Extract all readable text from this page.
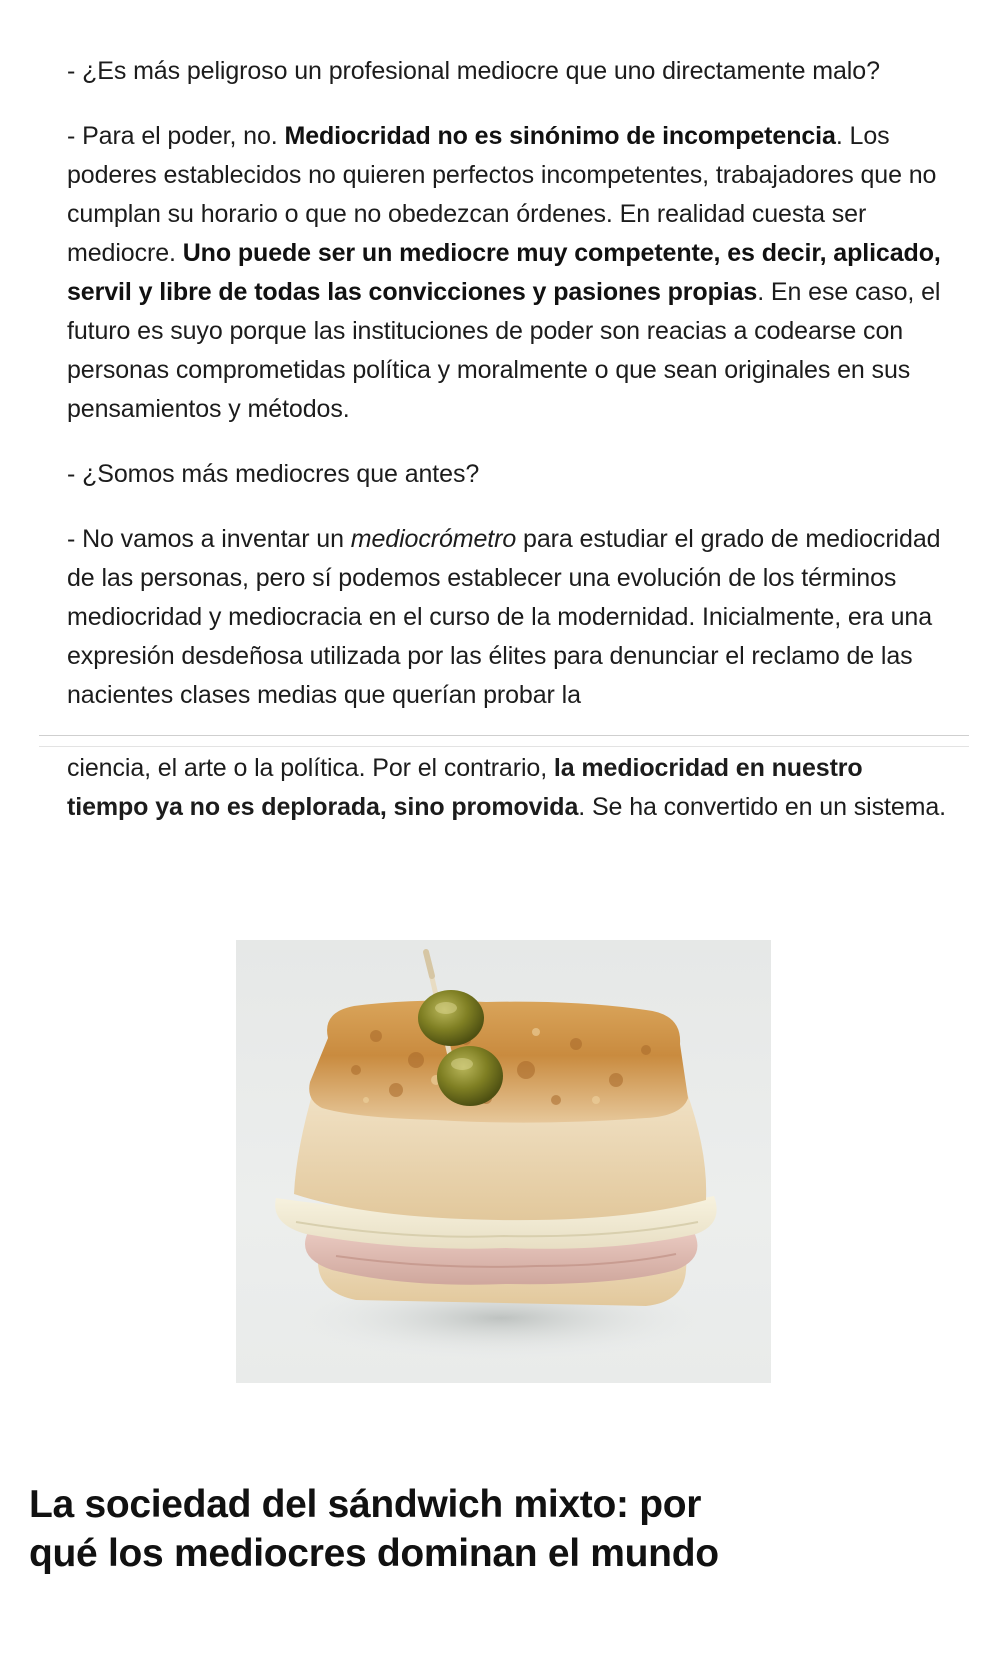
- ¿Es más peligroso un profesional mediocre que uno directamente malo?

- Para el poder, no. Mediocridad no es sinónimo de incompetencia. Los poderes establecidos no quieren perfectos incompetentes, trabajadores que no cumplan su horario o que no obedezcan órdenes. En realidad cuesta ser mediocre. Uno puede ser un mediocre muy competente, es decir, aplicado, servil y libre de todas las convicciones y pasiones propias. En ese caso, el futuro es suyo porque las instituciones de poder son reacias a codearse con personas comprometidas política y moralmente o que sean originales en sus pensamientos y métodos.

- ¿Somos más mediocres que antes?

- No vamos a inventar un mediocrómetro para estudiar el grado de mediocridad de las personas, pero sí podemos establecer una evolución de los términos mediocridad y mediocracia en el curso de la modernidad. Inicialmente, era una expresión desdeñosa utilizada por las élites para denunciar el reclamo de las nacientes clases medias que querían probar la

ciencia, el arte o la política. Por el contrario, la mediocridad en nuestro tiempo ya no es deplorada, sino promovida. Se ha convertido en un sistema.

La sociedad del sándwich mixto: por qué los mediocres dominan el mundo
